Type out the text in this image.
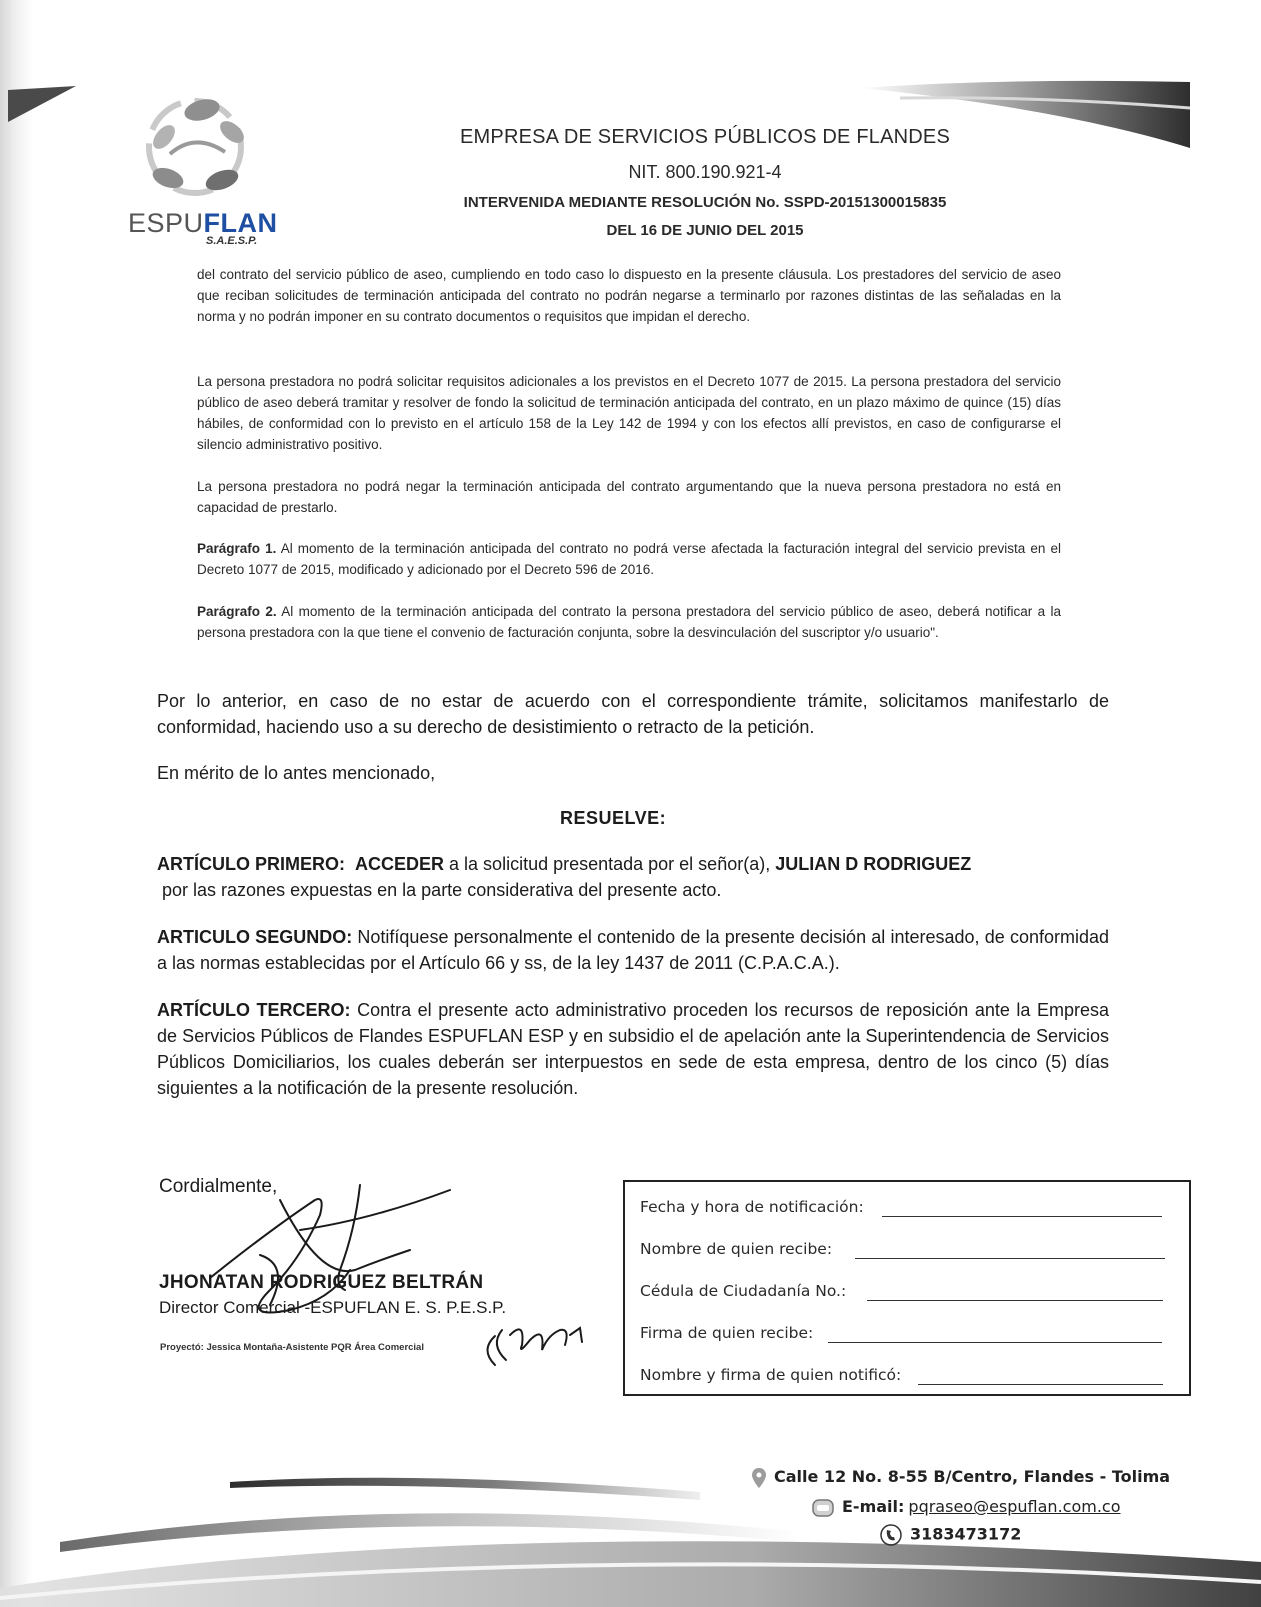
ESPUFLAN
S.A.E.S.P.
EMPRESA DE SERVICIOS PÚBLICOS DE FLANDES
NIT. 800.190.921-4
INTERVENIDA MEDIANTE RESOLUCIÓN No. SSPD-20151300015835
DEL 16 DE JUNIO DEL 2015

del contrato del servicio público de aseo, cumpliendo en todo caso lo dispuesto en la presente cláusula. Los prestadores del servicio de aseo que reciban solicitudes de terminación anticipada del contrato no podrán negarse a terminarlo por razones distintas de las señaladas en la norma y no podrán imponer en su contrato documentos o requisitos que impidan el derecho.

La persona prestadora no podrá solicitar requisitos adicionales a los previstos en el Decreto 1077 de 2015. La persona prestadora del servicio público de aseo deberá tramitar y resolver de fondo la solicitud de terminación anticipada del contrato, en un plazo máximo de quince (15) días hábiles, de conformidad con lo previsto en el artículo 158 de la Ley 142 de 1994 y con los efectos allí previstos, en caso de configurarse el silencio administrativo positivo.

La persona prestadora no podrá negar la terminación anticipada del contrato argumentando que la nueva persona prestadora no está en capacidad de prestarlo.

Parágrafo 1. Al momento de la terminación anticipada del contrato no podrá verse afectada la facturación integral del servicio prevista en el Decreto 1077 de 2015, modificado y adicionado por el Decreto 596 de 2016.

Parágrafo 2. Al momento de la terminación anticipada del contrato la persona prestadora del servicio público de aseo, deberá notificar a la persona prestadora con la que tiene el convenio de facturación conjunta, sobre la desvinculación del suscriptor y/o usuario".

Por lo anterior, en caso de no estar de acuerdo con el correspondiente trámite, solicitamos manifestarlo de conformidad, haciendo uso a su derecho de desistimiento o retracto de la petición.

En mérito de lo antes mencionado,

RESUELVE:

ARTÍCULO PRIMERO: ACCEDER a la solicitud presentada por el señor(a), JULIAN D RODRIGUEZ
por las razones expuestas en la parte considerativa del presente acto.

ARTICULO SEGUNDO: Notifíquese personalmente el contenido de la presente decisión al interesado, de conformidad a las normas establecidas por el Artículo 66 y ss, de la ley 1437 de 2011 (C.P.A.C.A.).

ARTÍCULO TERCERO: Contra el presente acto administrativo proceden los recursos de reposición ante la Empresa de Servicios Públicos de Flandes ESPUFLAN ESP y en subsidio el de apelación ante la Superintendencia de Servicios Públicos Domiciliarios, los cuales deberán ser interpuestos en sede de esta empresa, dentro de los cinco (5) días siguientes a la notificación de la presente resolución.

Cordialmente,
JHONATAN RODRIGUEZ BELTRÁN
Director Comercial -ESPUFLAN E. S. P.E.S.P.
Proyectó: Jessica Montaña-Asistente PQR Área Comercial
Fecha y hora de notificación:
Nombre de quien recibe:
Cédula de Ciudadanía No.:
Firma de quien recibe:
Nombre y firma de quien notificó:
Calle 12 No. 8-55 B/Centro, Flandes - Tolima
E-mail: pqraseo@espuflan.com.co
3183473172
